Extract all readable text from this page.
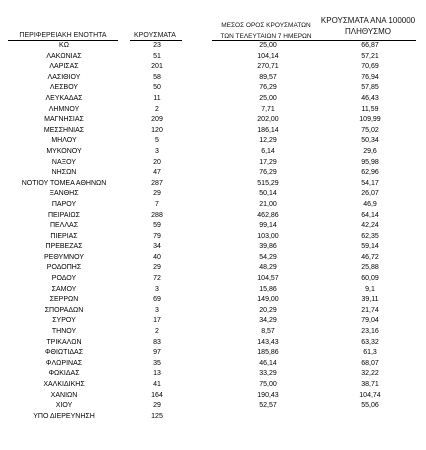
ΠΕΡΙΦΕΡΕΙΑΚΗ ΕΝΟΤΗΤΑ	ΚΡΟΥΣΜΑΤΑ
ΜΕΣΟΣ ΟΡΟΣ ΚΡΟΥΣΜΑΤΩΝ
ΤΩΝ ΤΕΛΕΥΤΑΙΩΝ 7 ΗΜΕΡΩΝ
ΚΡΟΥΣΜΑΤΑ ΑΝΑ 100000
ΠΛΗΘΥΣΜΟ
ΚΩ	23	25,00	66,87
ΛΑΚΩΝΙΑΣ	51	104,14	57,21
ΛΑΡΙΣΑΣ	201	270,71	70,69
ΛΑΣΙΘΙΟΥ	58	89,57	76,94
ΛΕΣΒΟΥ	50	76,29	57,85
ΛΕΥΚΑΔΑΣ	11	25,00	46,43
ΛΗΜΝΟΥ	2	7,71	11,59
ΜΑΓΝΗΣΙΑΣ	209	202,00	109,99
ΜΕΣΣΗΝΙΑΣ	120	186,14	75,02
ΜΗΛΟΥ	5	12,29	50,34
ΜΥΚΟΝΟΥ	3	6,14	29,6
ΝΑΞΟΥ	20	17,29	95,98
ΝΗΣΩΝ	47	76,29	62,96
ΝΟΤΙΟΥ ΤΟΜΕΑ ΑΘΗΝΩΝ	287	515,29	54,17
ΞΑΝΘΗΣ	29	50,14	26,07
ΠΑΡΟΥ	7	21,00	46,9
ΠΕΙΡΑΙΩΣ	288	462,86	64,14
ΠΕΛΛΑΣ	59	99,14	42,24
ΠΙΕΡΙΑΣ	79	103,00	62,35
ΠΡΕΒΕΖΑΣ	34	39,86	59,14
ΡΕΘΥΜΝΟΥ	40	54,29	46,72
ΡΟΔΟΠΗΣ	29	48,29	25,88
ΡΟΔΟΥ	72	104,57	60,09
ΣΑΜΟΥ	3	15,86	9,1
ΣΕΡΡΩΝ	69	149,00	39,11
ΣΠΟΡΑΔΩΝ	3	20,29	21,74
ΣΥΡΟΥ	17	34,29	79,04
ΤΗΝΟΥ	2	8,57	23,16
ΤΡΙΚΑΛΩΝ	83	143,43	63,32
ΦΘΙΩΤΙΔΑΣ	97	185,86	61,3
ΦΛΩΡΙΝΑΣ	35	46,14	68,07
ΦΩΚΙΔΑΣ	13	33,29	32,22
ΧΑΛΚΙΔΙΚΗΣ	41	75,00	38,71
ΧΑΝΙΩΝ	164	190,43	104,74
ΧΙΟΥ	29	52,57	55,06
ΥΠΟ ΔΙΕΡΕΥΝΗΣΗ	125
